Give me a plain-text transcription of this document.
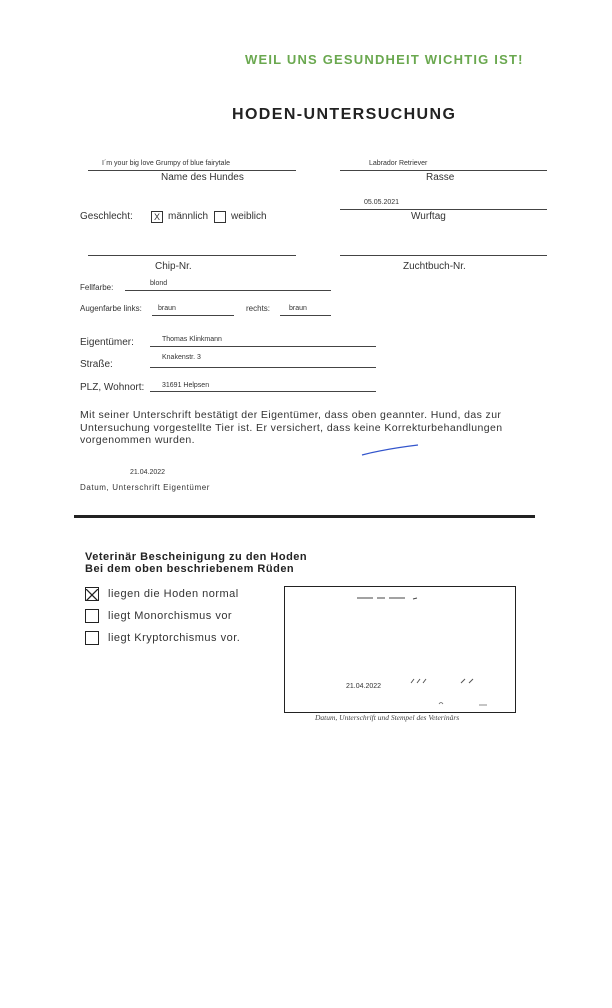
WEIL UNS GESUNDHEIT WICHTIG IST!
HODEN-UNTERSUCHUNG
I´m your big love Grumpy of blue fairytale
Name des Hundes
Labrador Retriever
Rasse
Geschlecht:	X männlich weiblich
05.05.2021
Wurftag
Chip-Nr.	Zuchtbuch-Nr.
Fellfarbe:	blond
Augenfarbe links: braun	rechts:	braun
Eigentümer:	Thomas Klinkmann
Straße:
Knakenstr. 3
PLZ, Wohnort:	31691 Helpsen
Mit seiner Unterschrift bestätigt der Eigentümer, dass oben geannter. Hund, das zur Untersuchung vorgestellte Tier ist. Er versichert, dass keine Korrekturbehandlungen vorgenommen wurden.
21.04.2022
Datum, Unterschrift Eigentümer
Veterinär Bescheinigung zu den Hoden
Bei dem oben beschriebenem Rüden
liegen die Hoden normal
liegt Monorchismus vor
liegt Kryptorchismus vor.
21.04.2022
Datum, Unterschrift und Stempel des Veterinärs
